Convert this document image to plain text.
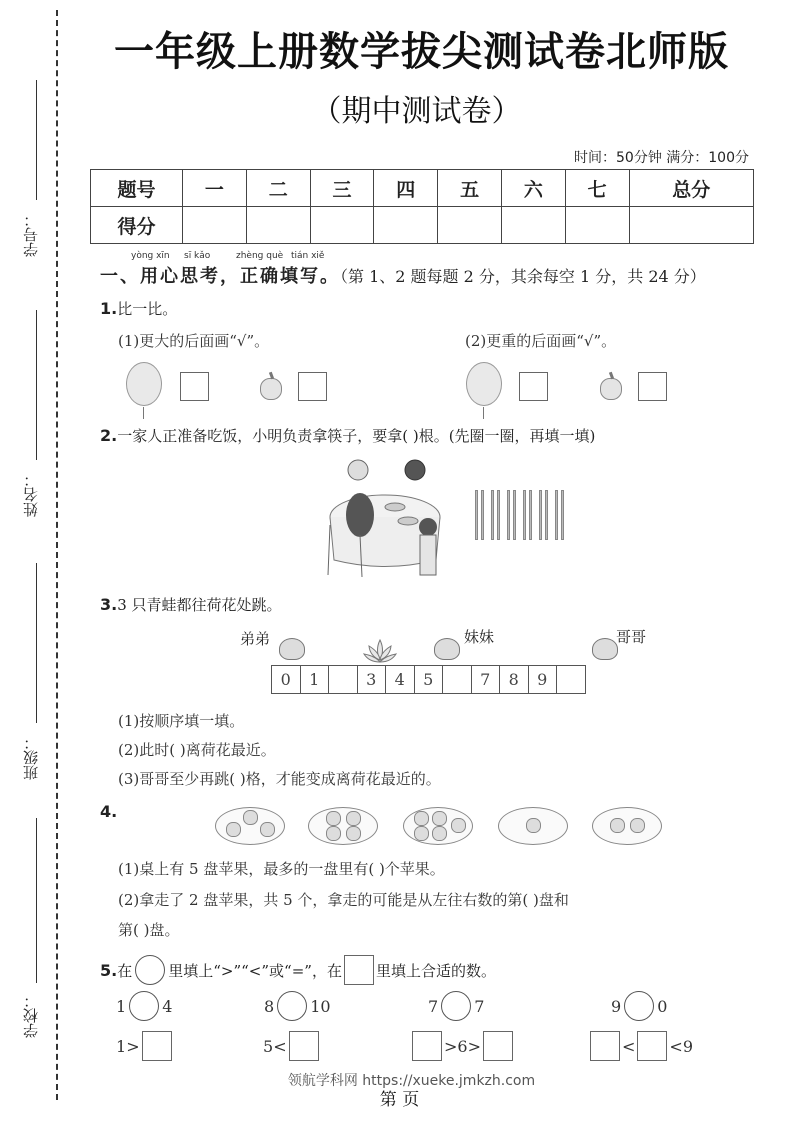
学号：
姓名：
班级：
学校：
一年级上册数学拔尖测试卷北师版
（期中测试卷）
时间：50分钟 满分：100分
题号	一	二	三	四	五	六	七	总分
得分								
yòng xīn sī kǎo	zhèng què tián xiě
一、用心思考，正确填写。（第 1、2 题每题 2 分，其余每空 1 分，共 24 分）
1.比一比。
(1)更大的后面画“√”。	(2)更重的后面画“√”。
2.一家人正准备吃饭，小明负责拿筷子，要拿( )根。(先圈一圈，再填一填)
3.3 只青蛙都往荷花处跳。
弟弟	妹妹	哥哥
0	1	3	4	5	7	8	9
(1)按顺序填一填。
(2)此时( )离荷花最近。
(3)哥哥至少再跳( )格，才能变成离荷花最近的。
4.
(1)桌上有 5 盘苹果，最多的一盘里有( )个苹果。
(2)拿走了 2 盘苹果，共 5 个，拿走的可能是从左往右数的第( )盘和
第( )盘。
5. 在 里填上“>”“<”或“=”，在 里填上合适的数。
1 4	8 10	7 7	9 0
1 >	5 <	> 6 >	< < 9
领航学科网 https://xueke.jmkzh.com
第 页
